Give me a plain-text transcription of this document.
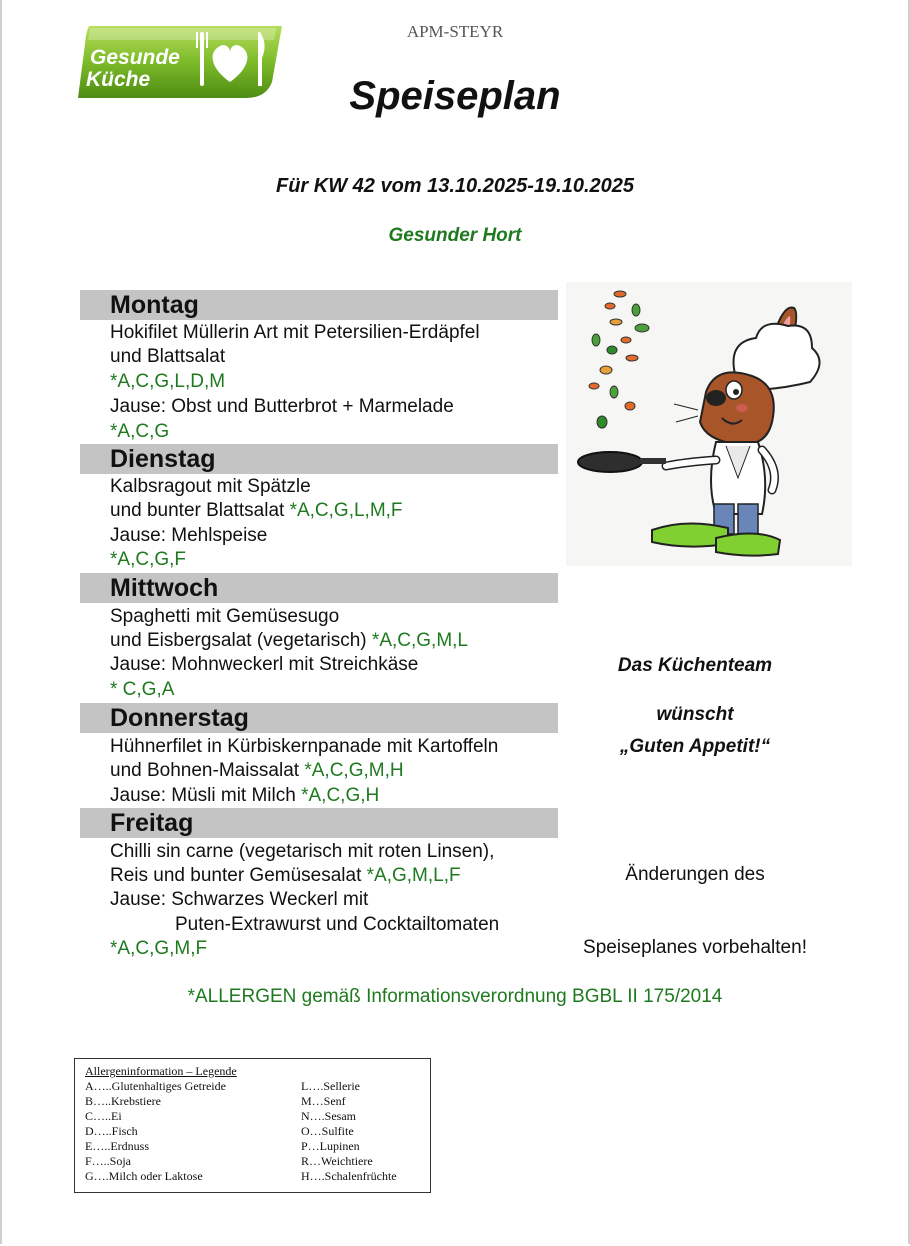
Gesunde
Küche
APM-STEYR
Speiseplan
Für KW 42 vom 13.10.2025-19.10.2025
Gesunder Hort
Montag
Hokifilet Müllerin Art mit Petersilien-Erdäpfel
und Blattsalat
*A,C,G,L,D,M
Jause: Obst und Butterbrot + Marmelade
*A,C,G
Dienstag
Kalbsragout mit Spätzle
und bunter Blattsalat *A,C,G,L,M,F
Jause: Mehlspeise
*A,C,G,F
Mittwoch
Spaghetti mit Gemüsesugo
und Eisbergsalat (vegetarisch) *A,C,G,M,L
Jause: Mohnweckerl mit Streichkäse
* C,G,A
Donnerstag
Hühnerfilet in Kürbiskernpanade mit Kartoffeln
und Bohnen-Maissalat *A,C,G,M,H
Jause: Müsli mit Milch *A,C,G,H
Freitag
Chilli sin carne (vegetarisch mit roten Linsen),
Reis und bunter Gemüsesalat *A,G,M,L,F
Jause: Schwarzes Weckerl mit
Puten-Extrawurst und Cocktailtomaten
*A,C,G,M,F
Das Küchenteam
wünscht
„Guten Appetit!“
Änderungen des
Speiseplanes vorbehalten!
*ALLERGEN gemäß Informationsverordnung BGBL II 175/2014
Allergeninformation – Legende
A…..Glutenhaltiges Getreide
B…..Krebstiere
C…..Ei
D…..Fisch
E…..Erdnuss
F…..Soja
G….Milch oder Laktose
L….Sellerie
M…Senf
N….Sesam
O…Sulfite
P…Lupinen
R…Weichtiere
H….Schalenfrüchte
